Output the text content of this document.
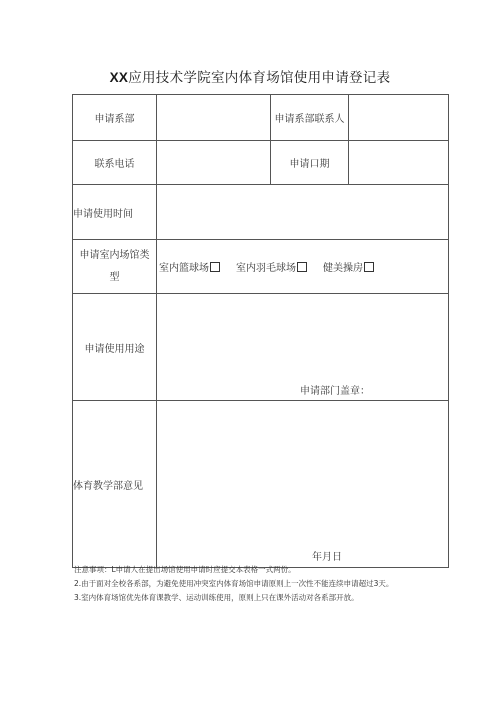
XX应用技术学院室内体育场馆使用申请登记表
申请系部		申请系部联系人	
联系电话		申请口期	
申请使用时间			

申请室内场馆类
型	室内篮球场 室内羽毛球场 健美操房		

申请使用用途	申请部门盖章：		

体育教学部意见	年月日		
注意事项：L申请人在提出场馆使用申请时应提交本表格一式两份。
2.由于面对全校各系部，为避免使用冲突室内体育场馆申请原则上一次性不能连续申请超过3天。
3.室内体育场馆优先体育课教学、运动训练使用，原则上只在课外活动对各系部开放。
